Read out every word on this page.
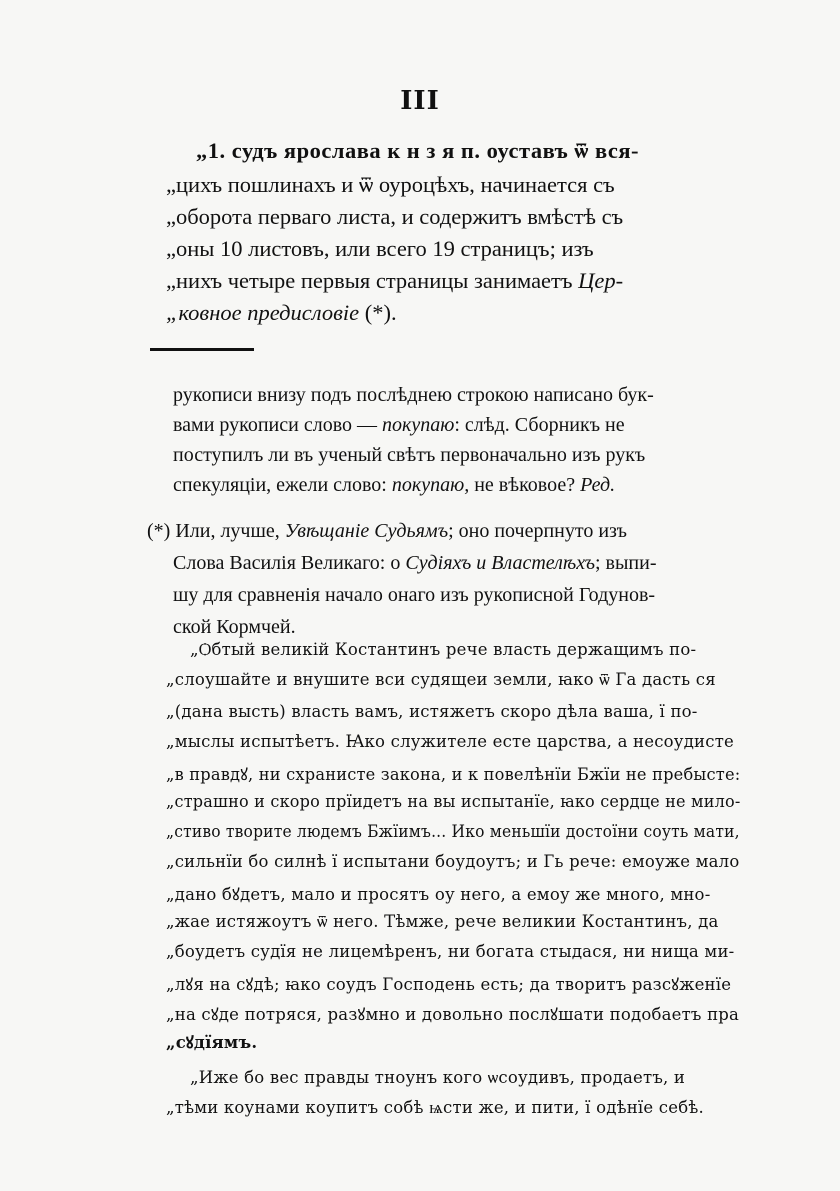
III
„1. судъ ярослава к н з я п. оуставъ ѿ вся-
„цихъ пошлинахъ и ѿ оуроцѣхъ, начинается съ
„оборота перваго листа, и содержитъ вмѣстѣ съ
„оны 10 листовъ, или всего 19 страницъ; изъ
„нихъ четыре первыя страницы занимаетъ Цер-
„ковное предисловіе (*).
рукописи внизу подъ послѣднею строкою написано бук-
вами рукописи слово — покупаю: слѣд. Сборникъ не
поступилъ ли въ ученый свѣтъ первоначально изъ рукъ
спекуляціи, ежели слово: покупаю, не вѣковое? Ред.
(*) Или, лучше, Увѣщаніе Судьямъ; оно почерпнуто изъ
Слова Василія Великаго: о Судіяхъ и Властелѣхъ; выпи-
шу для сравненія начало онаго изъ рукописной Годунов-
ской Кормчей.
„Ѻбтый великій Костантинъ рече власть держащимъ по-
„слоушайте и внушите вси судящеи земли, ꙗко ѿ Га дасть ся
„(дана высть) власть вамъ, истяжетъ скоро дѣла ваша, ї по-
„мыслы испытѣетъ. Ꙗко служителе есте царства, а несоудисте
„в правдꙋ, ни схранисте закона, и к повелѣнїи Бжїи не пребысте:
„страшно и скоро прїидетъ на вы испытанїе, ꙗко сердце не мило-
„стиво творите людемъ Бжїимъ... Ико меньшїи достоїни соуть мати,
„сильнїи бо силнѣ ї испытани боудоутъ; и Гь рече: емоуже мало
„дано бꙋдетъ, мало и просятъ оу него, а емоу же много, мно-
„жае истяжоутъ ѿ него. Тѣмже, рече великии Костантинъ, да
„боудетъ судїя не лицемѣренъ, ни богата стыдася, ни нища ми-
„лꙋя на сꙋдѣ; ꙗко соудъ Господень есть; да творитъ разсꙋженїе
„на сꙋде потряся, разꙋмно и довольно послꙋшати подобаетъ пра
„сꙋдїямъ.
„Иже бо вес правды тноунъ кого ѡсоудивъ, продаетъ, и
„тѣми коунами коупитъ собѣ ѩсти же, и пити, ї одѣнїе себѣ.
